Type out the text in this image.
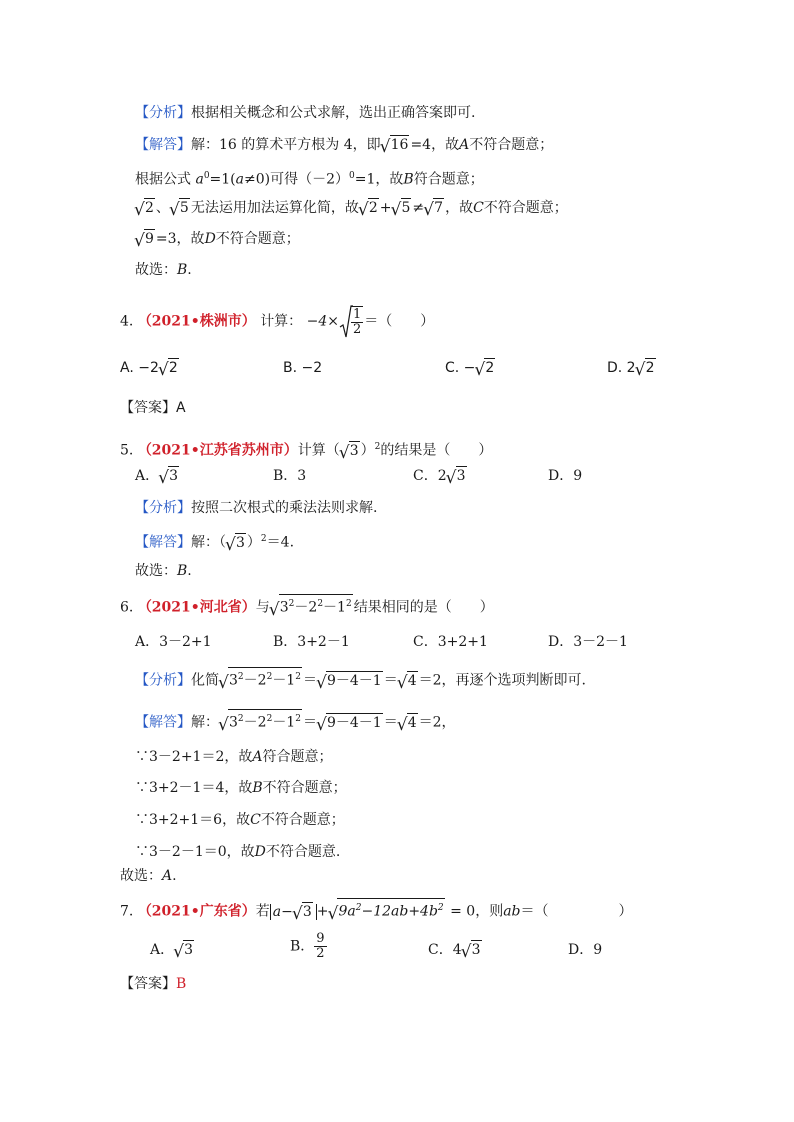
【分析】根据相关概念和公式求解，选出正确答案即可.
【解答】解：16 的算术平方根为 4，即 √ 16 =4，故A不符合题意；
根据公式 $a^0=1(a\ne 0)$可得$(-2)^0=1$，故B符合题意；
√ 2 、 √ 5 无法运用加法运算化简，故 √ 2 + √ 5 ≠ √ 7 ，故C不符合题意；
√ 9 =3，故D不符合题意；
故选：B.
4. （2021•株洲市） 计算： $-4\times \frac{1}{2}$ ＝（　　）
A. −2 √ 2	B. −2	C. − √ 2	D. 2 √ 2
【答案】A
5. （2021•江苏省苏州市）计算（ √ 3 ）$^2$的结果是（　　）
A． √ 3	B．3	C．2 √ 3	D．9
【分析】按照二次根式的乘法法则求解.
【解答】解：（ √ 3 ）$^2$＝4.
故选：B.
6. （2021•河北省）与 √ $3^2-2^2-1^2$ 结果相同的是（　　）
A．3－2+1	B．3+2－1	C．3+2+1	D．3－2－1
【分析】化简 √ $3^2-2^2-1^2$ ＝ √ 9－4－1 ＝ √ 4 ＝2，再逐个选项判断即可.
【解答】解： √ $3^2-2^2-1^2$ ＝ √ 9－4－1 ＝ √ 4 ＝2，
∵3－2+1＝2，故A符合题意；
∵3+2－1＝4，故B不符合题意；
∵3+2+1＝6，故C不符合题意；
∵3－2－1＝0，故D不符合题意.
故选：A.
7. （2021•广东省）若 a− √ 3 + √ $9a^2-12ab+4b^2 = 0$，则ab＝（　　　　　）
A． √ 3	B． $\frac{9}{2}$	C．4 √ 3	D．9
【答案】B
